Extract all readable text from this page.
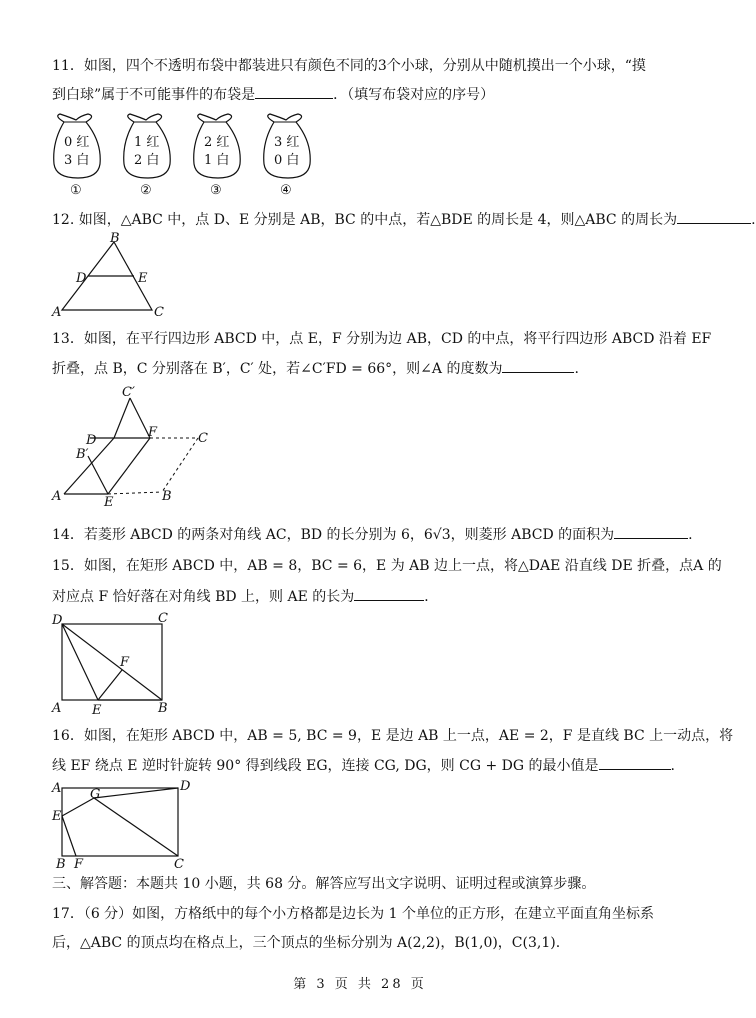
11．如图，四个不透明布袋中都装进只有颜色不同的3个小球，分别从中随机摸出一个小球，“摸
到白球”属于不可能事件的布袋是	．（填写布袋对应的序号）
0 红
3 白
①
1 红
2 白
②
2 红
1 白
③
3 红
0 白
④
12. 如图，△ABC 中，点 D、E 分别是 AB，BC 的中点，若△BDE 的周长是 4，则△ABC 的周长为	.
A
B
C
D	E
13．如图，在平行四边形 ABCD 中，点 E，F 分别为边 AB，CD 的中点，将平行四边形 ABCD 沿着 EF
折叠，点 B，C 分别落在 B′，C′ 处，若∠C′FD = 66°，则∠A 的度数为	.
A	E	B
C
D
F
B′
C′
14．若菱形 ABCD 的两条对角线 AC，BD 的长分别为 6，6√3，则菱形 ABCD 的面积为	.
15．如图，在矩形 ABCD 中，AB = 8，BC = 6，E 为 AB 边上一点，将△DAE 沿直线 DE 折叠，点A 的
对应点 F 恰好落在对角线 BD 上，则 AE 的长为	．
D	C
A E	B
F
16．如图，在矩形 ABCD 中，AB = 5, BC = 9，E 是边 AB 上一点，AE = 2，F 是直线 BC 上一动点，将
线 EF 绕点 E 逆时针旋转 90° 得到线段 EG，连接 CG, DG，则 CG + DG 的最小值是	.
A G
D
E
B F	C
三、解答题：本题共 10 小题，共 68 分。解答应写出文字说明、证明过程或演算步骤。
17．（6 分）如图，方格纸中的每个小方格都是边长为 1 个单位的正方形，在建立平面直角坐标系
后，△ABC 的顶点均在格点上，三个顶点的坐标分别为 A(2,2)，B(1,0)，C(3,1).
第 3 页 共 28 页
